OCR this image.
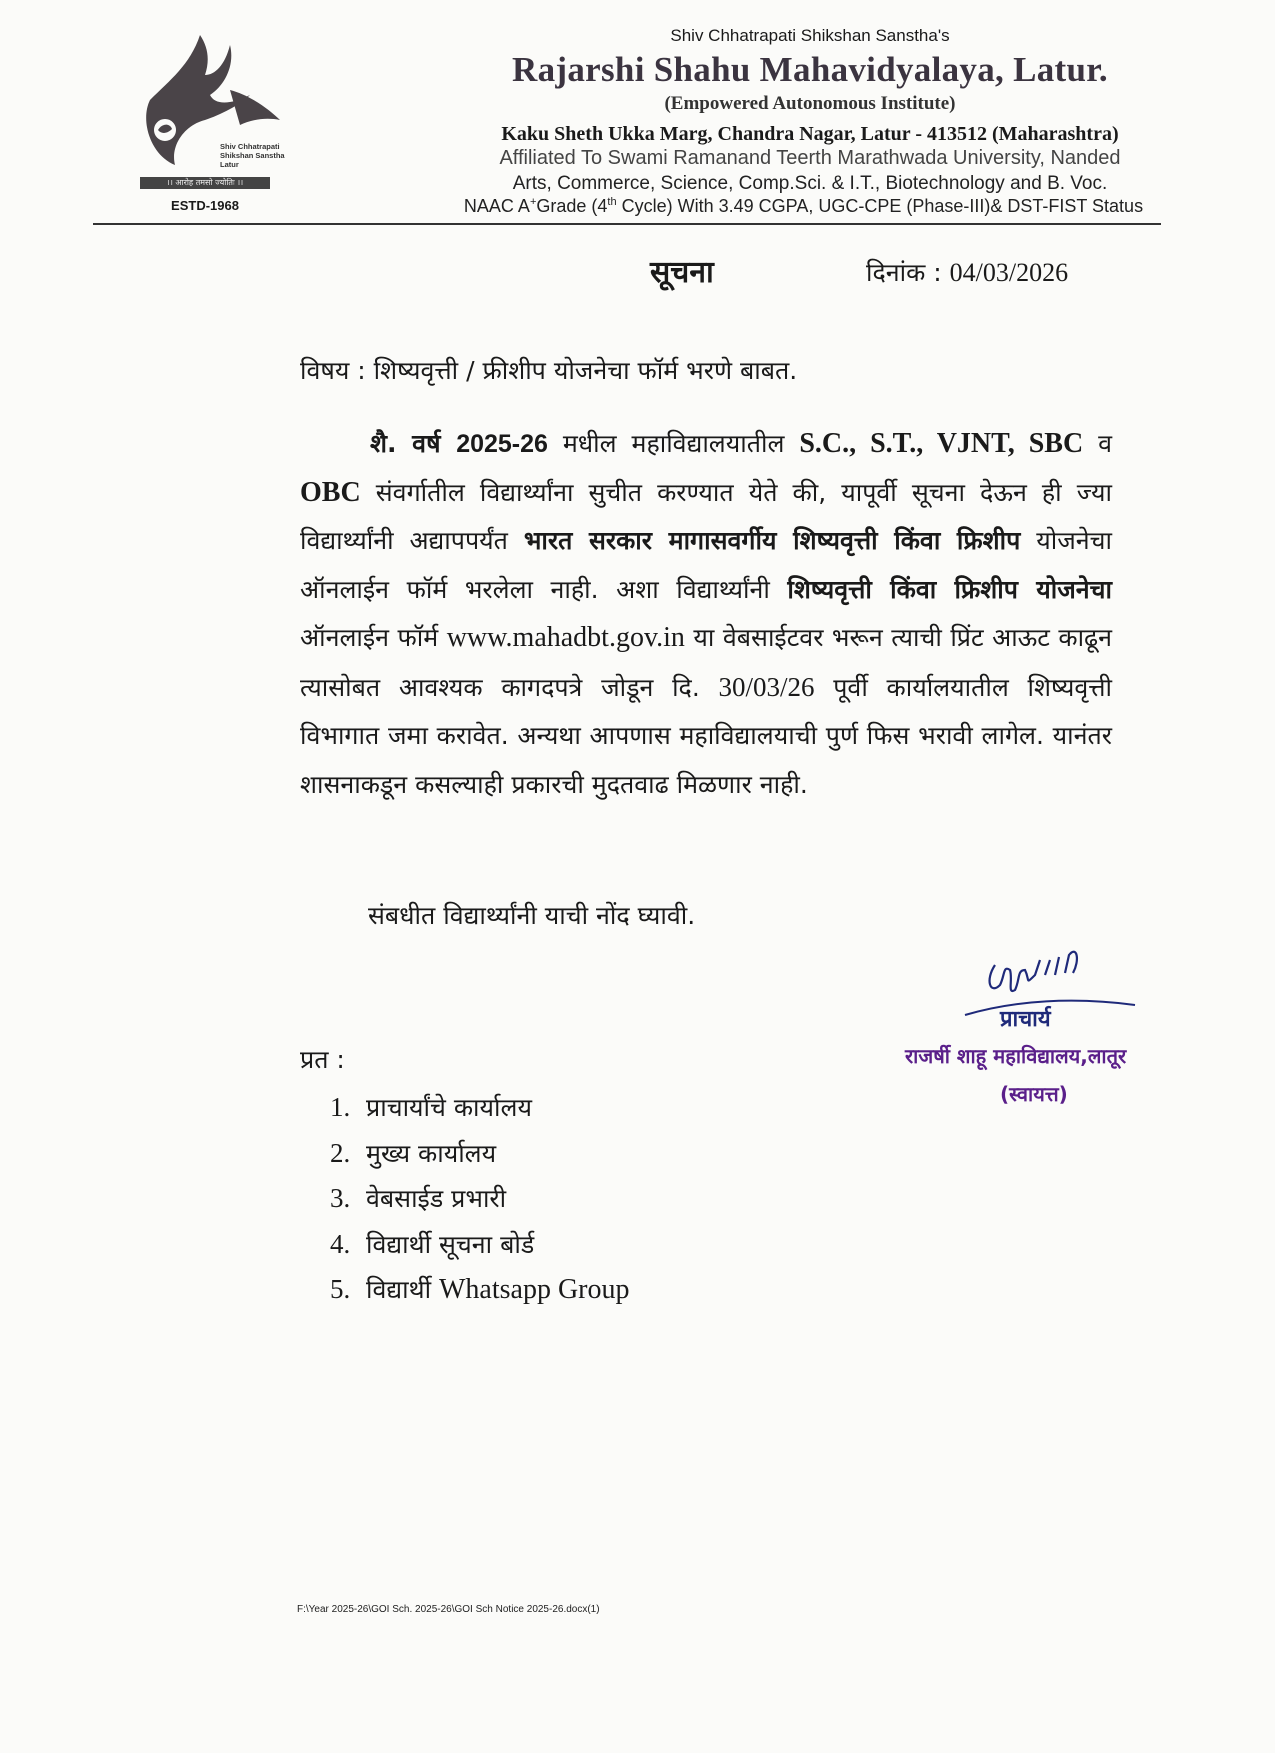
Shiv Chhatrapati
Shikshan Sanstha
Latur
।। आरोह तमसो ज्योतिः ।।
ESTD-1968
Shiv Chhatrapati Shikshan Sanstha's
Rajarshi Shahu Mahavidyalaya, Latur.
(Empowered Autonomous Institute)
Kaku Sheth Ukka Marg, Chandra Nagar, Latur - 413512 (Maharashtra)
Affiliated To Swami Ramanand Teerth Marathwada University, Nanded
Arts, Commerce, Science, Comp.Sci. & I.T., Biotechnology and B. Voc.
NAAC A+Grade (4th Cycle) With 3.49 CGPA, UGC-CPE (Phase-III)& DST-FIST Status
सूचना	दिनांक : 04/03/2026
विषय : शिष्यवृत्ती / फ्रीशीप योजनेचा फॉर्म भरणे बाबत.
शै. वर्ष 2025-26 मधील महाविद्यालयातील S.C., S.T., VJNT, SBC व OBC संवर्गातील विद्यार्थ्यांना सुचीत करण्यात येते की, यापूर्वी सूचना देऊन ही ज्या विद्यार्थ्यांनी अद्यापपर्यंत भारत सरकार मागासवर्गीय शिष्यवृत्ती किंवा फ्रिशीप योजनेचा ऑनलाईन फॉर्म भरलेला नाही. अशा विद्यार्थ्यांनी शिष्यवृत्ती किंवा फ्रिशीप योजनेचा ऑनलाईन फॉर्म www.mahadbt.gov.in या वेबसाईटवर भरून त्याची प्रिंट आऊट काढून त्यासोबत आवश्यक कागदपत्रे जोडून दि. 30/03/26 पूर्वी कार्यालयातील शिष्यवृत्ती विभागात जमा करावेत. अन्यथा आपणास महाविद्यालयाची पुर्ण फिस भरावी लागेल. यानंतर शासनाकडून कसल्याही प्रकारची मुदतवाढ मिळणार नाही.
संबधीत विद्यार्थ्यांनी याची नोंद घ्यावी.
प्राचार्य
राजर्षी शाहू महाविद्यालय,लातूर
(स्वायत्त)
प्रत :
1. प्राचार्यांचे कार्यालय
2. मुख्य कार्यालय
3. वेबसाईड प्रभारी
4. विद्यार्थी सूचना बोर्ड
5. विद्यार्थी Whatsapp Group
F:\Year 2025-26\GOI Sch. 2025-26\GOI Sch Notice 2025-26.docx(1)
